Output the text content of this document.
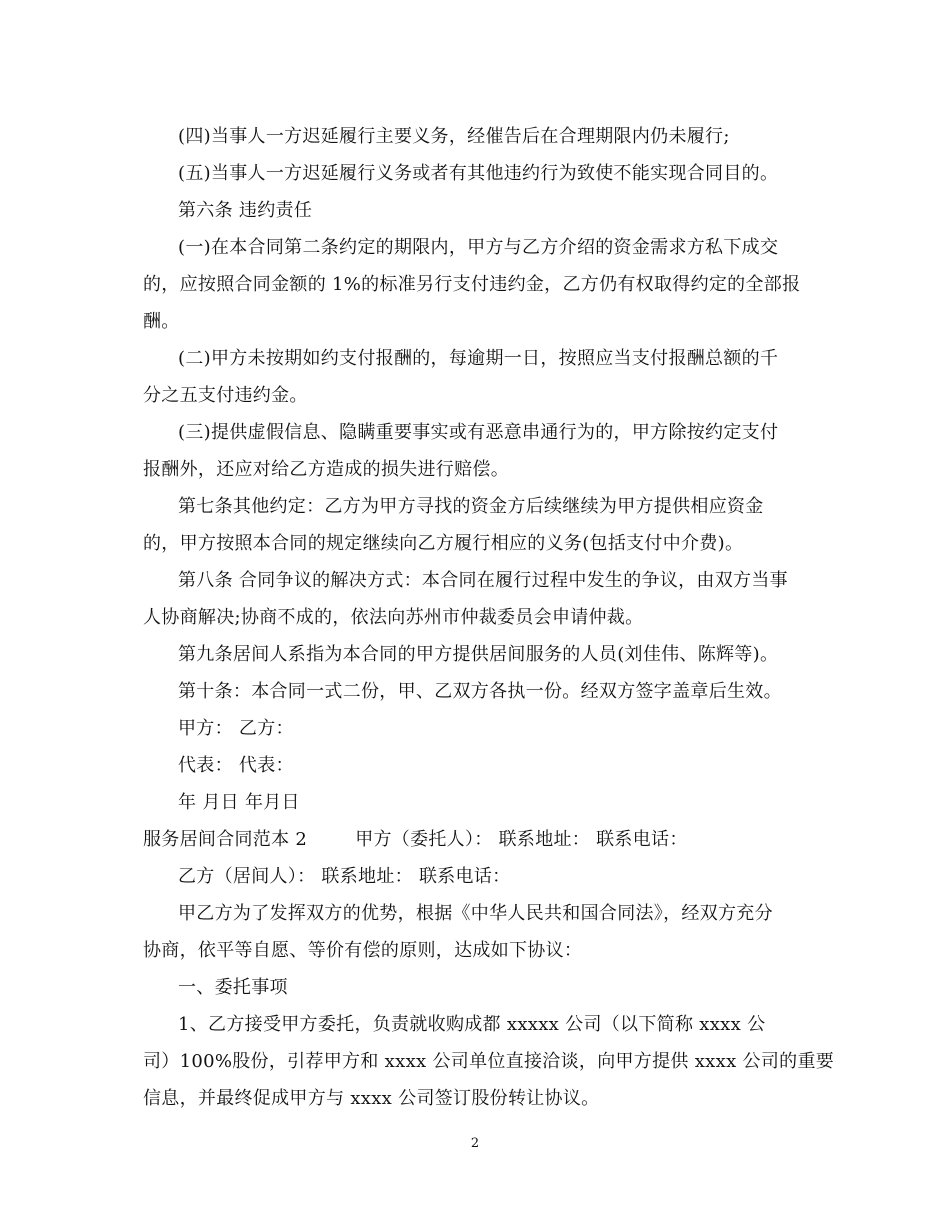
(四)当事人一方迟延履行主要义务，经催告后在合理期限内仍未履行;

(五)当事人一方迟延履行义务或者有其他违约行为致使不能实现合同目的。

第六条 违约责任

(一)在本合同第二条约定的期限内，甲方与乙方介绍的资金需求方私下成交

的，应按照合同金额的 1%的标准另行支付违约金，乙方仍有权取得约定的全部报

酬。

(二)甲方未按期如约支付报酬的，每逾期一日，按照应当支付报酬总额的千

分之五支付违约金。

(三)提供虚假信息、隐瞒重要事实或有恶意串通行为的，甲方除按约定支付

报酬外，还应对给乙方造成的损失进行赔偿。

第七条其他约定：乙方为甲方寻找的资金方后续继续为甲方提供相应资金

的，甲方按照本合同的规定继续向乙方履行相应的义务(包括支付中介费)。

第八条 合同争议的解决方式：本合同在履行过程中发生的争议，由双方当事

人协商解决;协商不成的，依法向苏州市仲裁委员会申请仲裁。

第九条居间人系指为本合同的甲方提供居间服务的人员(刘佳伟、陈辉等)。

第十条：本合同一式二份，甲、乙双方各执一份。经双方签字盖章后生效。

甲方： 乙方：

代表： 代表：

年 月日 年月日

服务居间合同范本 2	甲方（委托人）： 联系地址： 联系电话：

乙方（居间人）： 联系地址： 联系电话：

甲乙方为了发挥双方的优势，根据《中华人民共和国合同法》，经双方充分

协商，依平等自愿、等价有偿的原则，达成如下协议：

一、委托事项

1、乙方接受甲方委托，负责就收购成都 xxxxx 公司（以下简称 xxxx 公

司）100%股份，引荐甲方和 xxxx 公司单位直接洽谈，向甲方提供 xxxx 公司的重要

信息，并最终促成甲方与 xxxx 公司签订股份转让协议。

2
